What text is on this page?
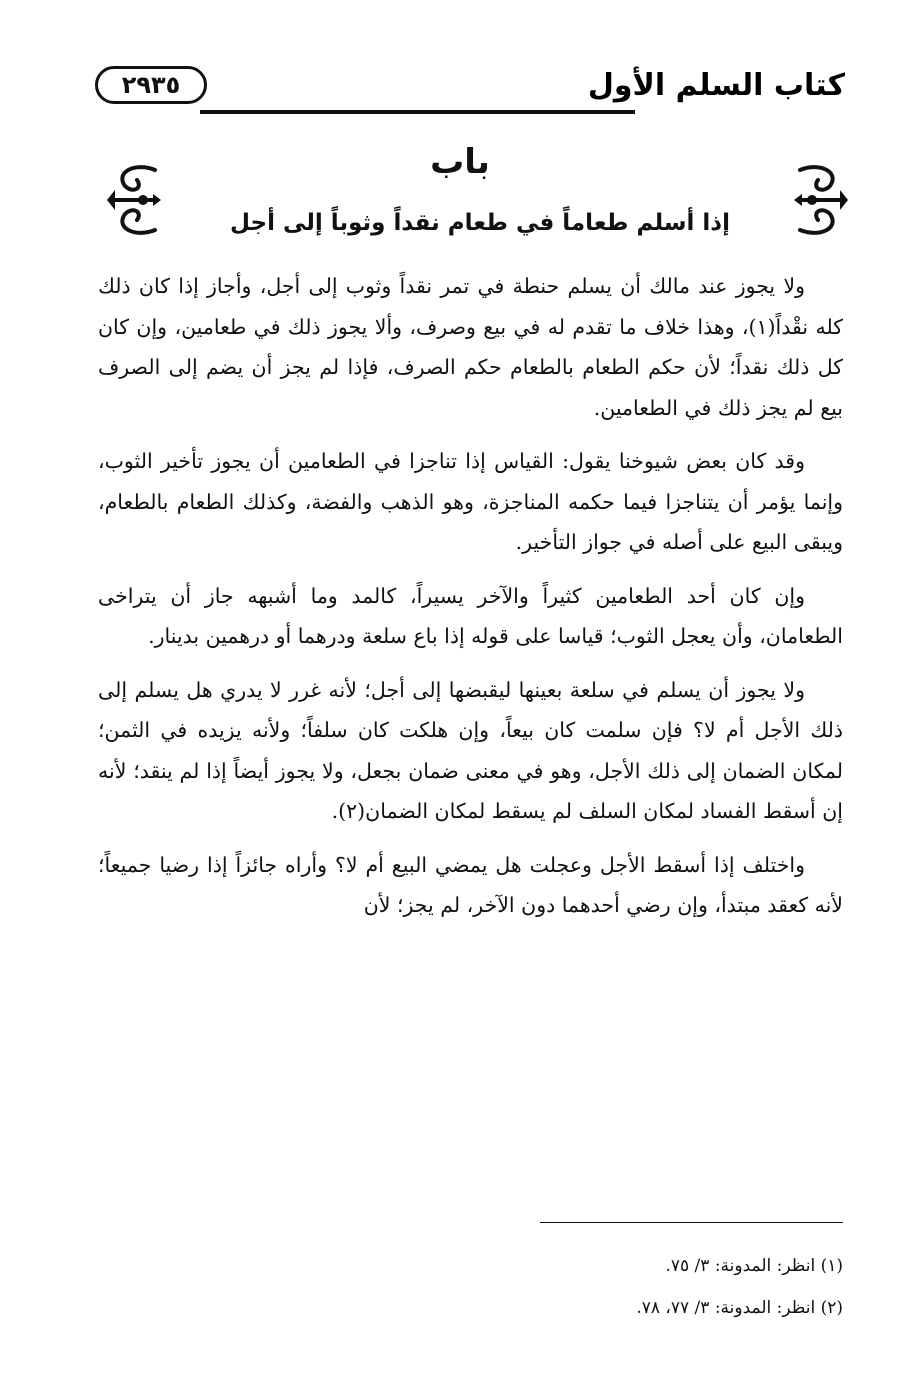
٢٩٣٥	كتاب السلم الأول
باب
إذا أسلم طعاماً في طعام نقداً وثوباً إلى أجل

ولا يجوز عند مالك أن يسلم حنطة في تمر نقداً وثوب إلى أجل، وأجاز إذا كان ذلك كله نقْداً(١)، وهذا خلاف ما تقدم له في بيع وصرف، وألا يجوز ذلك في طعامين، وإن كان كل ذلك نقداً؛ لأن حكم الطعام بالطعام حكم الصرف، فإذا لم يجز أن يضم إلى الصرف بيع لم يجز ذلك في الطعامين.

وقد كان بعض شيوخنا يقول: القياس إذا تناجزا في الطعامين أن يجوز تأخير الثوب، وإنما يؤمر أن يتناجزا فيما حكمه المناجزة، وهو الذهب والفضة، وكذلك الطعام بالطعام، ويبقى البيع على أصله في جواز التأخير.

وإن كان أحد الطعامين كثيراً والآخر يسيراً، كالمد وما أشبهه جاز أن يتراخى الطعامان، وأن يعجل الثوب؛ قياسا على قوله إذا باع سلعة ودرهما أو درهمين بدينار.

ولا يجوز أن يسلم في سلعة بعينها ليقبضها إلى أجل؛ لأنه غرر لا يدري هل يسلم إلى ذلك الأجل أم لا؟ فإن سلمت كان بيعاً، وإن هلكت كان سلفاً؛ ولأنه يزيده في الثمن؛ لمكان الضمان إلى ذلك الأجل، وهو في معنى ضمان بجعل، ولا يجوز أيضاً إذا لم ينقد؛ لأنه إن أسقط الفساد لمكان السلف لم يسقط لمكان الضمان(٢).

واختلف إذا أسقط الأجل وعجلت هل يمضي البيع أم لا؟ وأراه جائزاً إذا رضيا جميعاً؛ لأنه كعقد مبتدأ، وإن رضي أحدهما دون الآخر، لم يجز؛ لأن

(١) انظر: المدونة: ٣/ ٧٥.
(٢) انظر: المدونة: ٣/ ٧٧، ٧٨.
